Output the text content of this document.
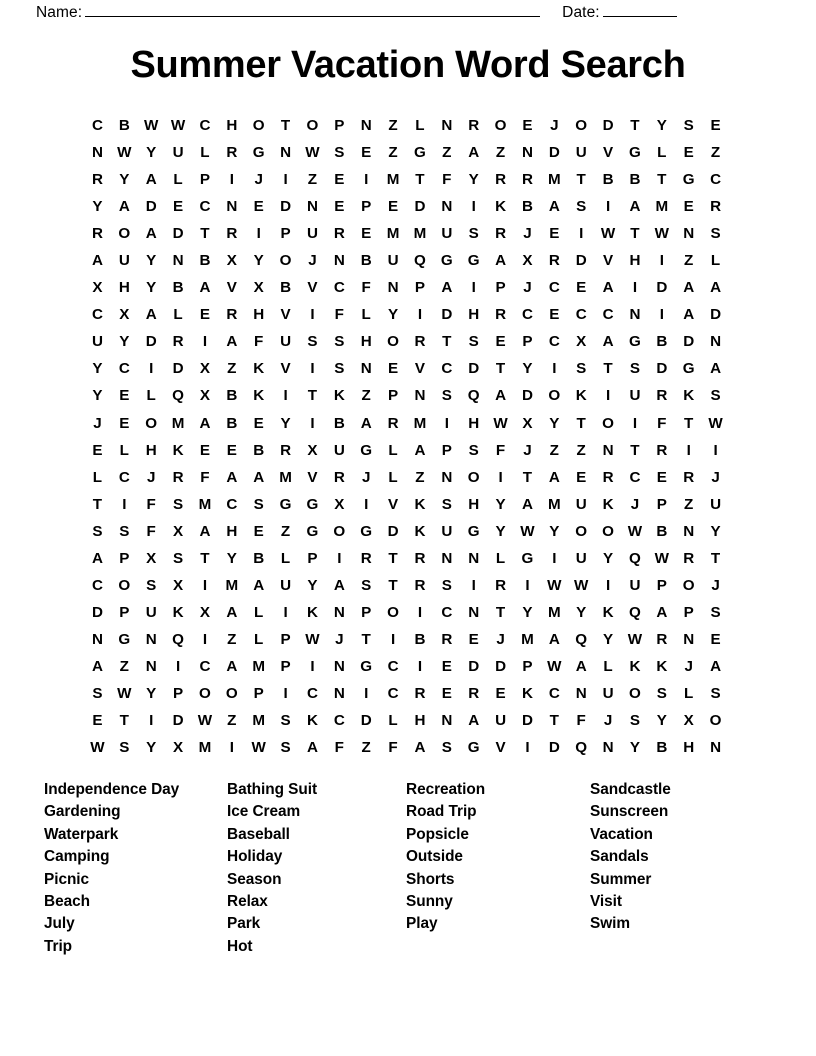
Name:	Date:
Summer Vacation Word Search
C	B W W C	H	O	T	O	P	N	Z	L	N	R	O	E	J	O	D	T	Y	S	E
N W Y	U	L	R	G	N W S	E	Z	G	Z	A	Z	N	D	U	V	G	L	E	Z
R	Y	A	L	P	I	J	I	Z	E	I	M	T	F	Y	R	R M	T	B	B	T	G	C
Y	A	D	E	C	N	E	D	N	E	P	E	D	N	I	K	B	A	S	I	A M	E	R
R	O	A	D	T	R	I	P	U	R	E	M M U	S	R	J	E	I	W T W N	S
A	U	Y	N	B	X	Y	O	J	N	B	U	Q G G	A	X	R	D	V	H	I	Z	L
X	H	Y	B	A	V	X	B	V	C	F	N	P	A	I	P	J	C	E	A	I	D	A	A
C	X	A	L	E	R	H	V	I	F	L	Y	I	D	H	R	C	E	C	C	N	I	A	D
U	Y	D	R	I	A	F	U	S	S	H	O	R	T	S	E	P	C	X	A	G	B	D	N
Y	C	I	D	X	Z	K	V	I	S	N	E	V	C	D	T	Y	I	S	T	S	D	G	A
Y	E	L	Q	X	B	K	I	T	K	Z	P	N	S	Q	A	D	O	K	I	U	R	K	S
J	E	O M A	B	E	Y	I	B	A	R M	I	H W X	Y	T	O	I	F	T W
E	L	H	K	E	E	B	R	X	U	G	L	A	P	S	F	J	Z	Z	N	T	R	I	I
L	C	J	R	F	A	A M	V	R	J	L	Z	N	O	I	T	A	E	R	C	E	R	J
T	I	F	S	M C	S	G G	X	I	V	K	S	H	Y	A M U	K	J	P	Z	U
S	S	F	X	A	H	E	Z	G O G	D	K	U	G	Y W Y	O O W B	N	Y
A	P	X	S	T	Y	B	L	P	I	R	T	R	N	N	L	G	I	U	Y	Q W R	T
C	O	S	X	I	M A	U	Y	A	S	T	R	S	I	R	I	W W	I	U	P	O	J
D	P	U	K	X	A	L	I	K	N	P	O	I	C	N	T	Y	M	Y	K	Q	A	P	S
N	G	N	Q	I	Z	L	P W	J	T	I	B	R	E	J	M A	Q	Y W R	N	E
A	Z	N	I	C	A M	P	I	N	G	C	I	E	D	D	P W A	L	K	K	J	A
S W Y	P	O O	P	I	C	N	I	C	R	E	R	E	K	C	N	U	O	S	L	S
E	T	I	D W Z	M	S	K	C	D	L	H	N	A	U	D	T	F	J	S	Y	X	O
W S	Y	X	M	I	W S	A	F	Z	F	A	S	G	V	I	D	Q	N	Y	B	H	N
Independence Day
Gardening
Waterpark
Camping
Picnic
Beach
July
Trip
Bathing Suit
Ice Cream
Baseball
Holiday
Season
Relax
Park
Hot
Recreation
Road Trip
Popsicle
Outside
Shorts
Sunny
Play
Sandcastle
Sunscreen
Vacation
Sandals
Summer
Visit
Swim
